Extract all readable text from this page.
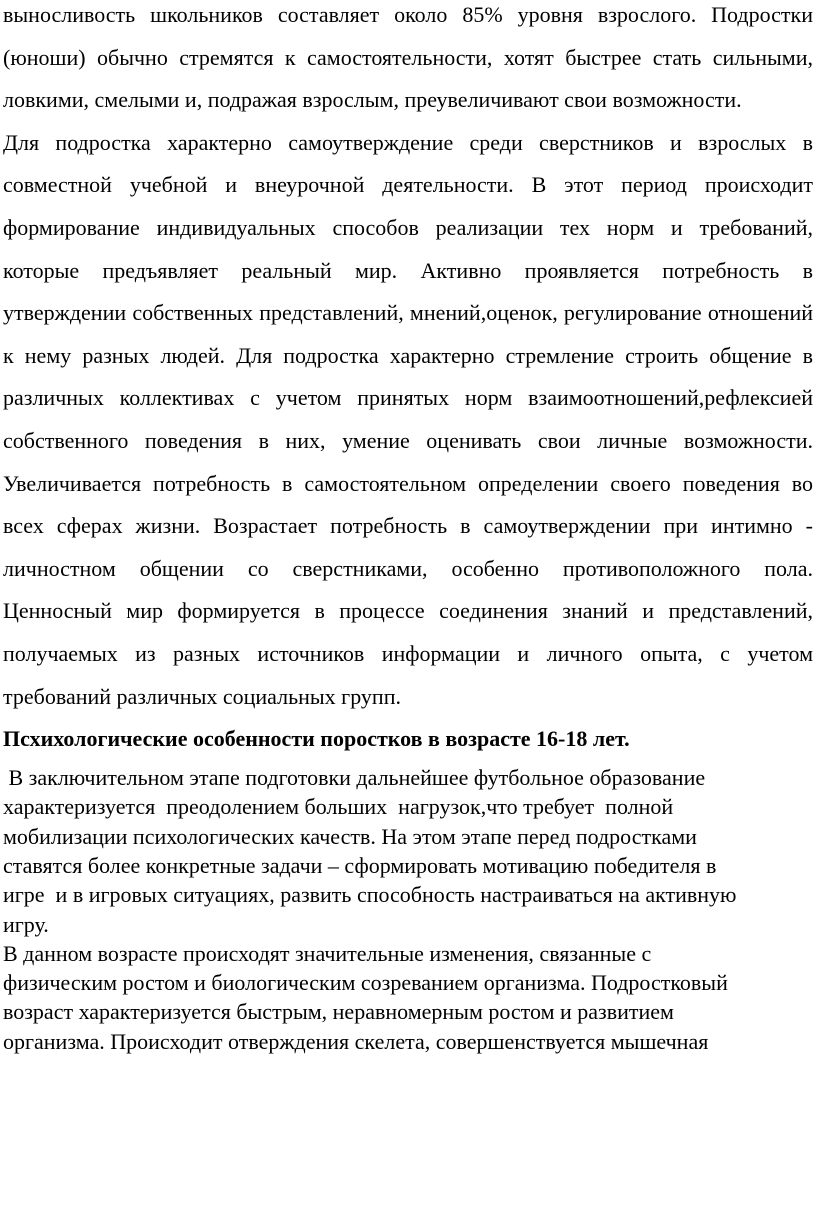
выносливость школьников составляет около 85% уровня взрослого. Подростки (юноши) обычно стремятся к самостоятельности, хотят быстрее стать сильными, ловкими, смелыми и, подражая взрослым, преувеличивают свои возможности.

Для подростка характерно самоутверждение среди сверстников и взрослых в совместной учебной и внеурочной деятельности. В этот период происходит формирование индивидуальных способов реализации тех норм и требований, которые предъявляет реальный мир. Активно проявляется потребность в утверждении собственных представлений, мнений,оценок, регулирование отношений к нему разных людей. Для подростка характерно стремление строить общение в различных коллективах с учетом принятых норм взаимоотношений,рефлексией собственного поведения в них, умение оценивать свои личные возможности. Увеличивается потребность в самостоятельном определении своего поведения во всех сферах жизни. Возрастает потребность в самоутверждении при интимно - личностном общении со сверстниками, особенно противоположного пола. Ценносный мир формируется в процессе соединения знаний и представлений, получаемых из разных источников информации и личного опыта, с учетом требований различных социальных групп.

Псхихологические особенности поростков в возрасте 16-18 лет.

В заключительном этапе подготовки дальнейшее футбольное образование
характеризуется  преодолением больших  нагрузок,что требует  полной
мобилизации психологических качеств. На этом этапе перед подростками
ставятся более конкретные задачи – сформировать мотивацию победителя в
игре  и в игровых ситуациях, развить способность настраиваться на активную
игру.

В данном возрасте происходят значительные изменения, связанные с
физическим ростом и биологическим созреванием организма. Подростковый
возраст характеризуется быстрым, неравномерным ростом и развитием
организма. Происходит отверждения скелета, совершенствуется мышечная
